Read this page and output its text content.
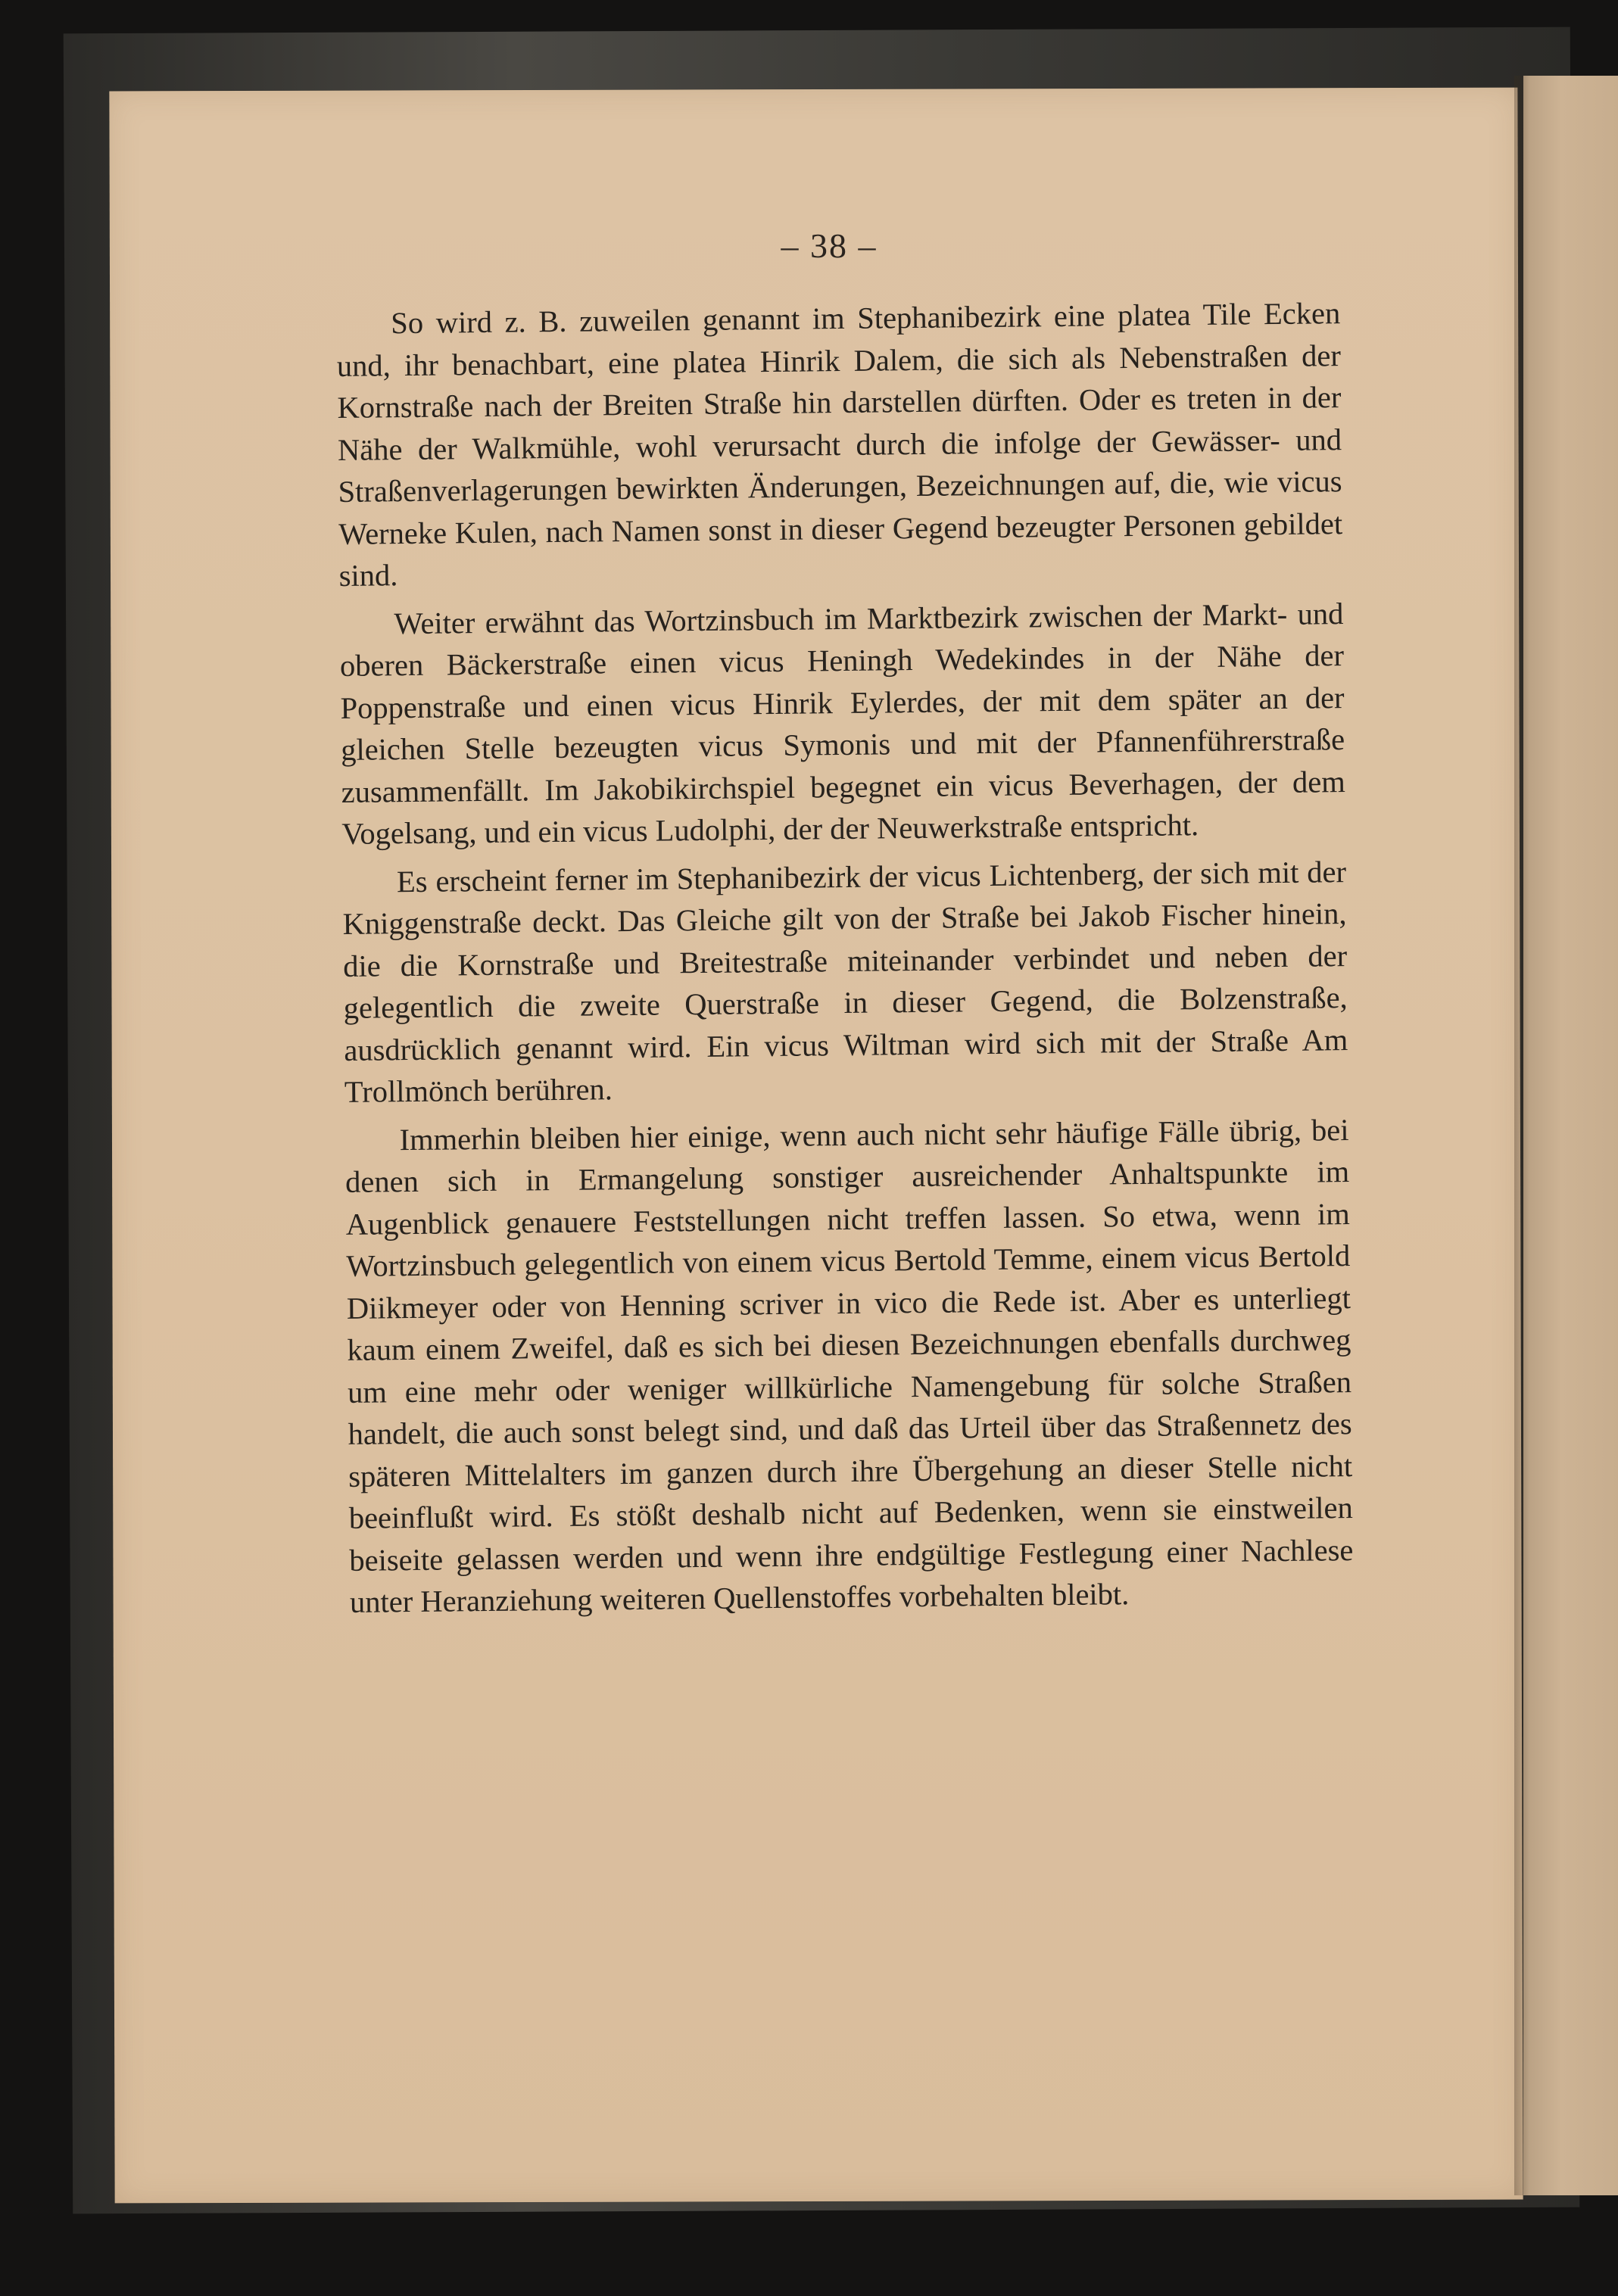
– 38 –

So wird z. B. zuweilen genannt im Stephanibezirk eine platea Tile Ecken und, ihr benachbart, eine platea Hinrik Dalem, die sich als Nebenstraßen der Kornstraße nach der Breiten Straße hin darstellen dürften. Oder es treten in der Nähe der Walkmühle, wohl verursacht durch die infolge der Gewässer- und Straßenverlagerungen bewirkten Änderungen, Bezeichnungen auf, die, wie vicus Werneke Kulen, nach Namen sonst in dieser Gegend bezeugter Personen gebildet sind.

Weiter erwähnt das Wortzinsbuch im Marktbezirk zwischen der Markt- und oberen Bäckerstraße einen vicus Heningh Wedekindes in der Nähe der Poppenstraße und einen vicus Hinrik Eylerdes, der mit dem später an der gleichen Stelle bezeugten vicus Symonis und mit der Pfannenführerstraße zusammenfällt. Im Jakobikirchspiel begegnet ein vicus Beverhagen, der dem Vogelsang, und ein vicus Ludolphi, der der Neuwerkstraße entspricht.

Es erscheint ferner im Stephanibezirk der vicus Lichtenberg, der sich mit der Kniggenstraße deckt. Das Gleiche gilt von der Straße bei Jakob Fischer hinein, die die Kornstraße und Breitestraße miteinander verbindet und neben der gelegentlich die zweite Querstraße in dieser Gegend, die Bolzenstraße, ausdrücklich genannt wird. Ein vicus Wiltman wird sich mit der Straße Am Trollmönch berühren.

Immerhin bleiben hier einige, wenn auch nicht sehr häufige Fälle übrig, bei denen sich in Ermangelung sonstiger ausreichender Anhaltspunkte im Augenblick genauere Feststellungen nicht treffen lassen. So etwa, wenn im Wortzinsbuch gelegentlich von einem vicus Bertold Temme, einem vicus Bertold Diikmeyer oder von Henning scriver in vico die Rede ist. Aber es unterliegt kaum einem Zweifel, daß es sich bei diesen Bezeichnungen ebenfalls durchweg um eine mehr oder weniger willkürliche Namengebung für solche Straßen handelt, die auch sonst belegt sind, und daß das Urteil über das Straßennetz des späteren Mittelalters im ganzen durch ihre Übergehung an dieser Stelle nicht beeinflußt wird. Es stößt deshalb nicht auf Bedenken, wenn sie einstweilen beiseite gelassen werden und wenn ihre endgültige Festlegung einer Nachlese unter Heranziehung weiteren Quellenstoffes vorbehalten bleibt.
